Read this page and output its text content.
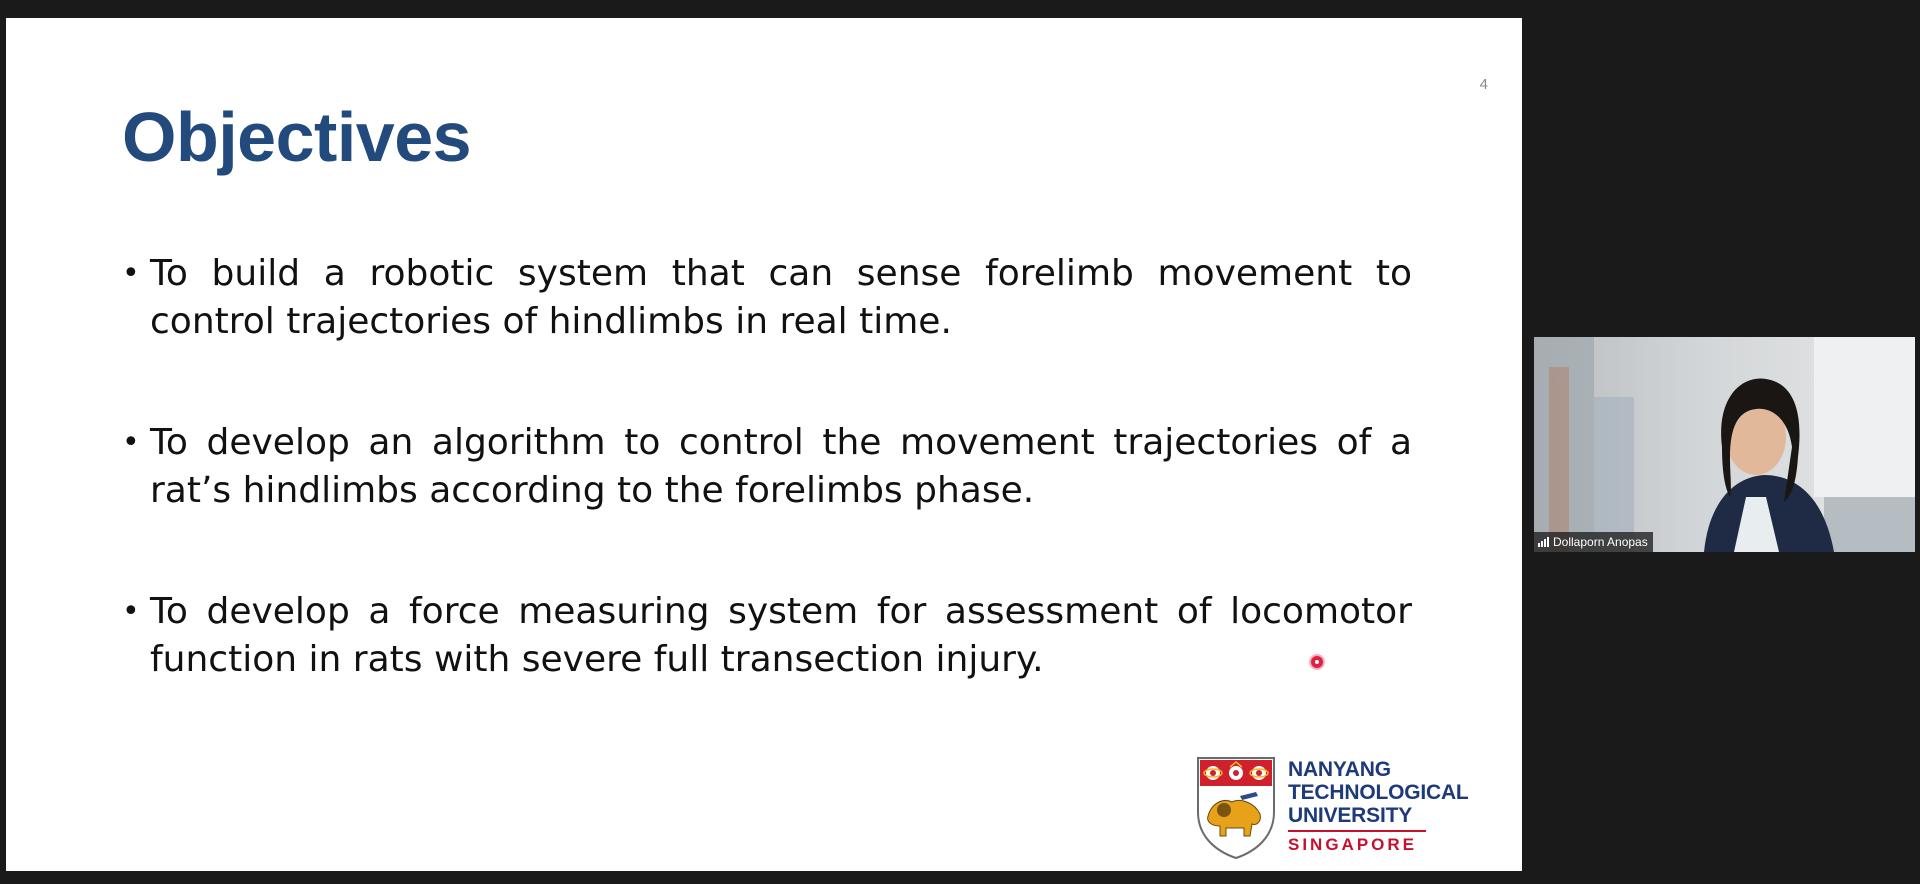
4
Objectives
• To build a robotic system that can sense forelimb movement to control trajectories of hindlimbs in real time.
• To develop an algorithm to control the movement trajectories of a rat’s hindlimbs according to the forelimbs phase.
• To develop a force measuring system for assessment of locomotor function in rats with severe full transection injury.
NANYANG
TECHNOLOGICAL
UNIVERSITY
SINGAPORE
Dollaporn Anopas
